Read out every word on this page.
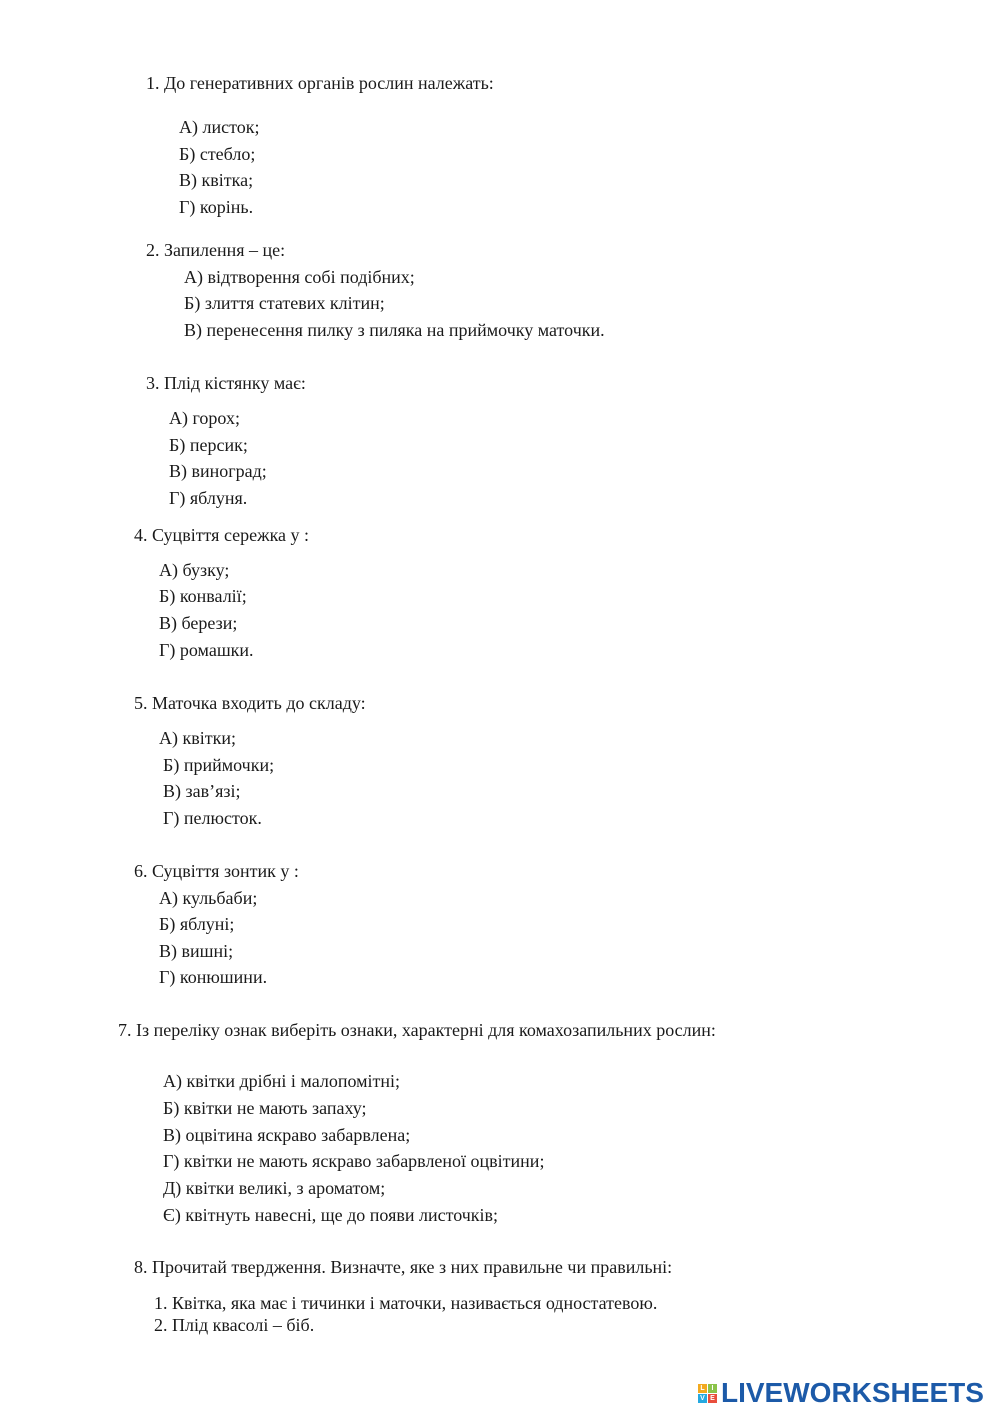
1. До генеративних органів рослин належать:
А) листок;
Б) стебло;
В) квітка;
Г) корінь.
2. Запилення – це:
А) відтворення собі подібних;
Б) злиття статевих клітин;
В) перенесення пилку з пиляка на приймочку маточки.
3. Плід кістянку має:
А) горох;
Б) персик;
В) виноград;
Г) яблуня.
4. Суцвіття сережка у :
А) бузку;
Б) конвалії;
В) берези;
Г) ромашки.
5. Маточка входить до складу:
А) квітки;
Б) приймочки;
В) зав’язі;
Г) пелюсток.
6. Суцвіття зонтик у :
А) кульбаби;
Б) яблуні;
В) вишні;
Г) конюшини.
7. Із переліку ознак виберіть ознаки, характерні для комахозапильних рослин:
А) квітки дрібні і малопомітні;
Б) квітки не мають запаху;
В) оцвітина яскраво забарвлена;
Г) квітки не мають яскраво забарвленої оцвітини;
Д) квітки великі, з ароматом;
Є) квітнуть навесні, ще до появи листочків;
8. Прочитай твердження. Визначте, яке з них правильне чи правильні:
1. Квітка, яка має і тичинки і маточки, називається одностатевою.
2. Плід квасолі – біб.
L I
V E LIVEWORKSHEETS
